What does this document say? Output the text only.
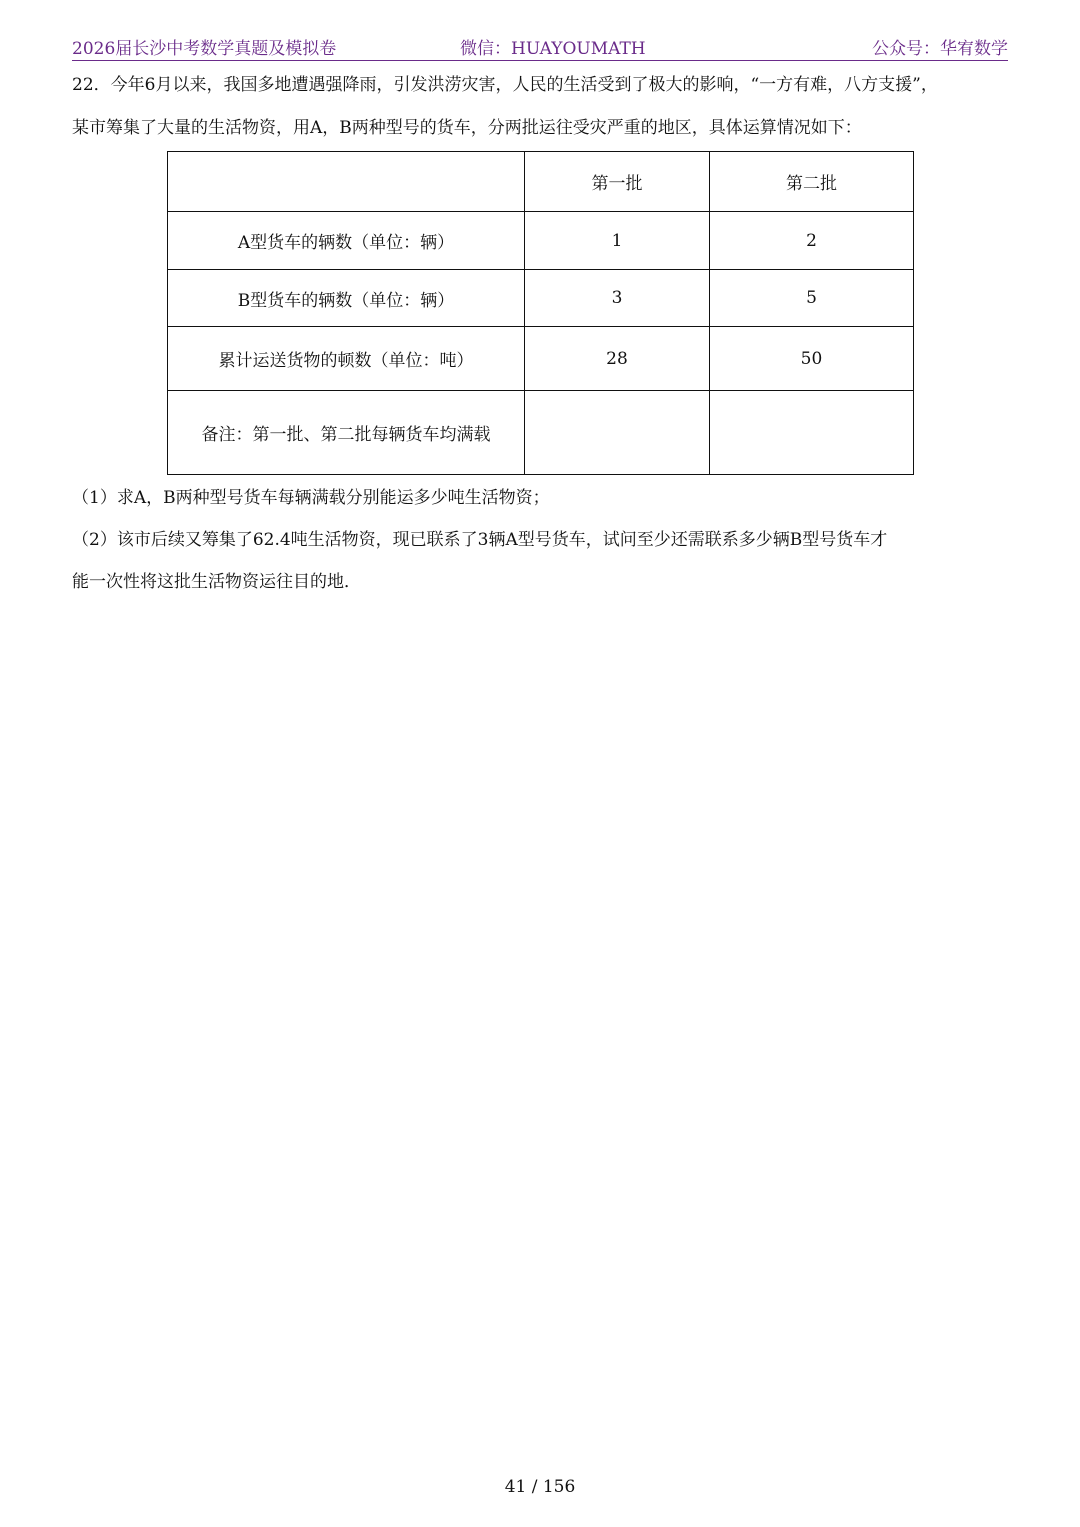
2026届长沙中考数学真题及模拟卷	微信：HUAYOUMATH	公众号：华宥数学
22．今年6月以来，我国多地遭遇强降雨，引发洪涝灾害，人民的生活受到了极大的影响，“一方有难，八方支援”，
某市筹集了大量的生活物资，用A，B两种型号的货车，分两批运往受灾严重的地区，具体运算情况如下：
	第一批	第二批
A型货车的辆数（单位：辆）	1	2
B型货车的辆数（单位：辆）	3	5
累计运送货物的顿数（单位：吨）	28	50
备注：第一批、第二批每辆货车均满载		
（1）求A，B两种型号货车每辆满载分别能运多少吨生活物资；
（2）该市后续又筹集了62.4吨生活物资，现已联系了3辆A型号货车，试问至少还需联系多少辆B型号货车才
能一次性将这批生活物资运往目的地．
41 / 156
